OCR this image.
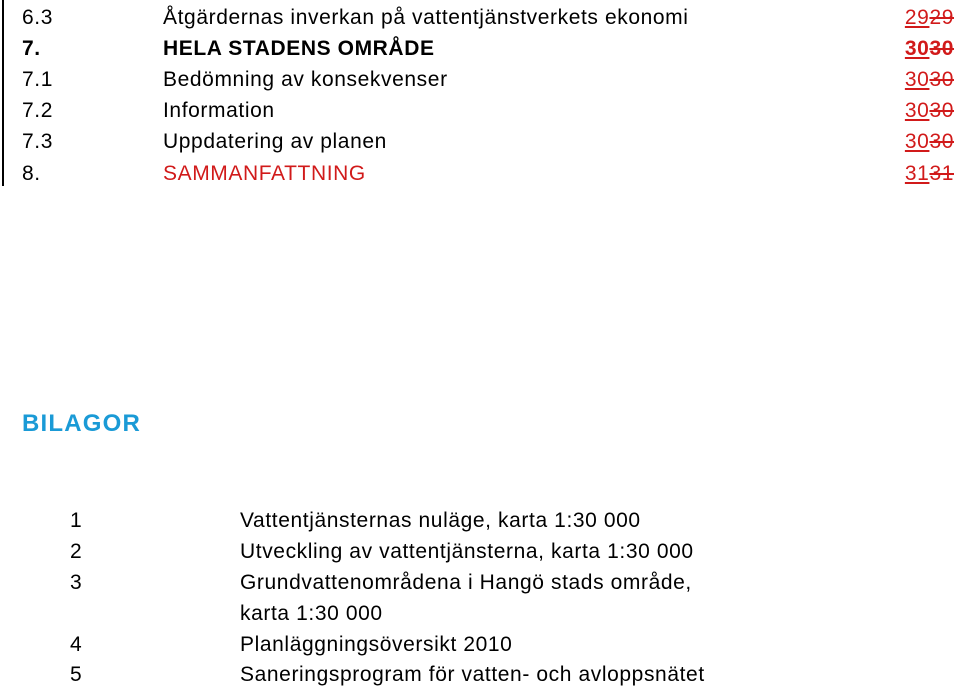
6.3	Åtgärdernas inverkan på vattentjänstverkets ekonomi	2929
7.	HELA STADENS OMRÅDE	3030
7.1	Bedömning av konsekvenser	3030
7.2	Information	3030
7.3	Uppdatering av planen	3030
8.	SAMMANFATTNING	3131
BILAGOR
1	Vattentjänsternas nuläge, karta 1:30 000
2	Utveckling av vattentjänsterna, karta 1:30 000
3	Grundvattenområdena i Hangö stads område,
karta 1:30 000
4	Planläggningsöversikt 2010
5	Saneringsprogram för vatten- och avloppsnätet
